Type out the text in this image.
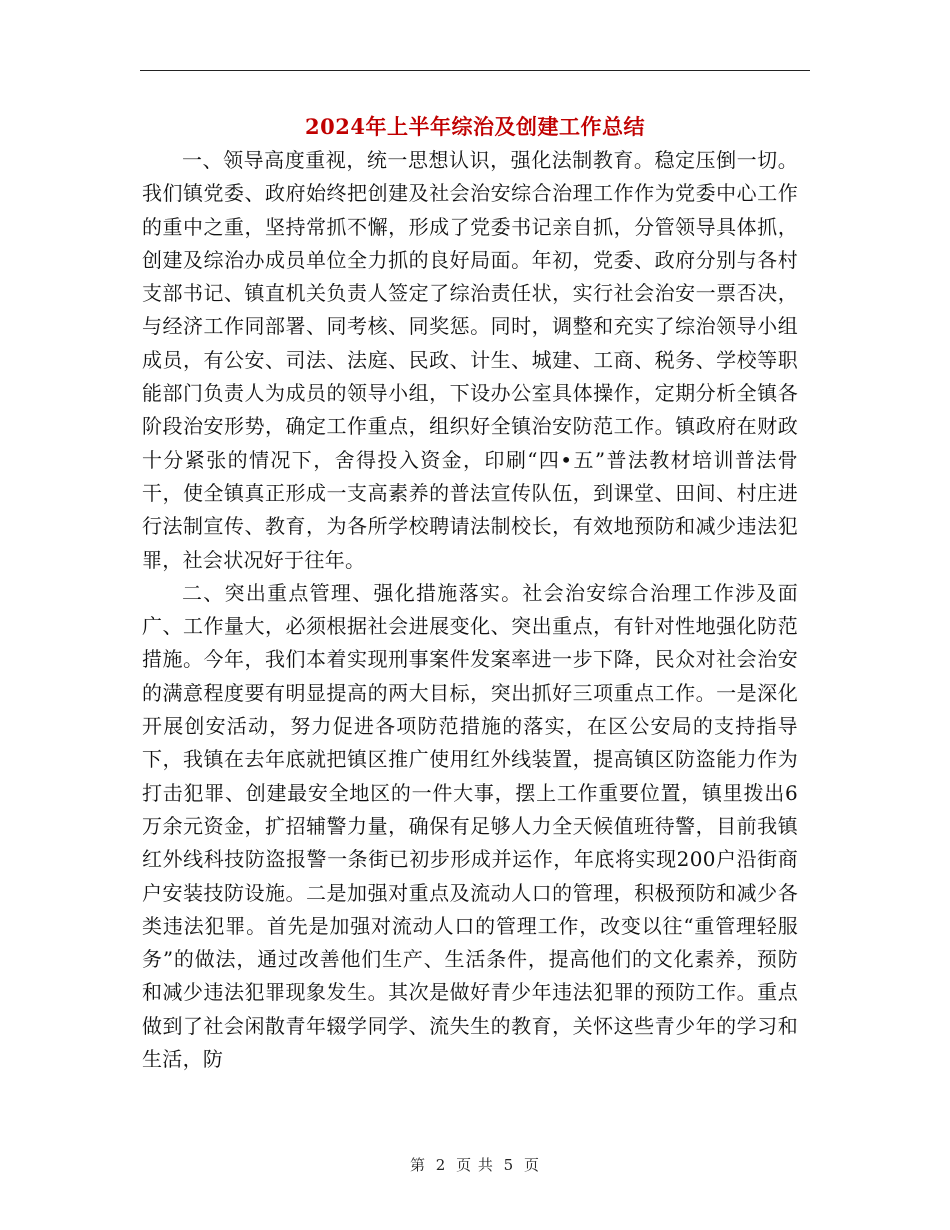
2024年上半年综治及创建工作总结

一、领导高度重视，统一思想认识，强化法制教育。稳定压倒一切。我们镇党委、政府始终把创建及社会治安综合治理工作作为党委中心工作的重中之重，坚持常抓不懈，形成了党委书记亲自抓，分管领导具体抓，创建及综治办成员单位全力抓的良好局面。年初，党委、政府分别与各村支部书记、镇直机关负责人签定了综治责任状，实行社会治安一票否决，与经济工作同部署、同考核、同奖惩。同时，调整和充实了综治领导小组成员，有公安、司法、法庭、民政、计生、城建、工商、税务、学校等职能部门负责人为成员的领导小组，下设办公室具体操作，定期分析全镇各阶段治安形势，确定工作重点，组织好全镇治安防范工作。镇政府在财政十分紧张的情况下，舍得投入资金，印刷“四•五”普法教材培训普法骨干，使全镇真正形成一支高素养的普法宣传队伍，到课堂、田间、村庄进行法制宣传、教育，为各所学校聘请法制校长，有效地预防和减少违法犯罪，社会状况好于往年。

二、突出重点管理、强化措施落实。社会治安综合治理工作涉及面广、工作量大，必须根据社会进展变化、突出重点，有针对性地强化防范措施。今年，我们本着实现刑事案件发案率进一步下降，民众对社会治安的满意程度要有明显提高的两大目标，突出抓好三项重点工作。一是深化开展创安活动，努力促进各项防范措施的落实，在区公安局的支持指导下，我镇在去年底就把镇区推广使用红外线装置，提高镇区防盗能力作为打击犯罪、创建最安全地区的一件大事，摆上工作重要位置，镇里拨出6万余元资金，扩招辅警力量，确保有足够人力全天候值班待警，目前我镇红外线科技防盗报警一条街已初步形成并运作，年底将实现200户沿街商户安装技防设施。二是加强对重点及流动人口的管理，积极预防和减少各类违法犯罪。首先是加强对流动人口的管理工作，改变以往“重管理轻服务”的做法，通过改善他们生产、生活条件，提高他们的文化素养，预防和减少违法犯罪现象发生。其次是做好青少年违法犯罪的预防工作。重点做到了社会闲散青年辍学同学、流失生的教育，关怀这些青少年的学习和生活，防

第 2 页 共 5 页
